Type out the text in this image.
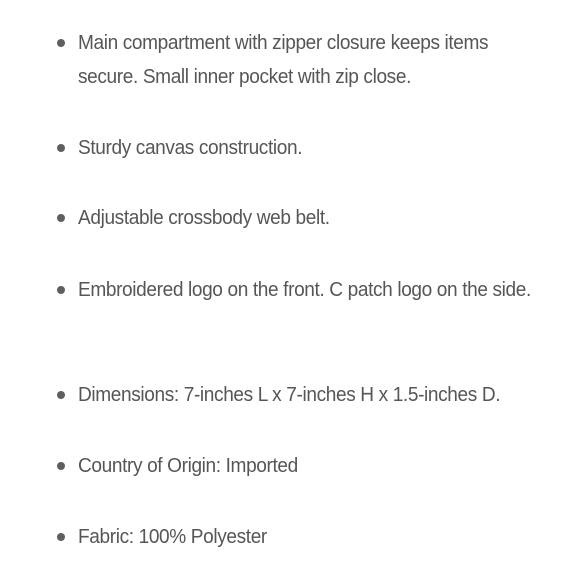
Main compartment with zipper closure keeps items secure. Small inner pocket with zip close.
Sturdy canvas construction.
Adjustable crossbody web belt.
Embroidered logo on the front. C patch logo on the side.
Dimensions: 7-inches L x 7-inches H x 1.5-inches D.
Country of Origin: Imported
Fabric: 100% Polyester
